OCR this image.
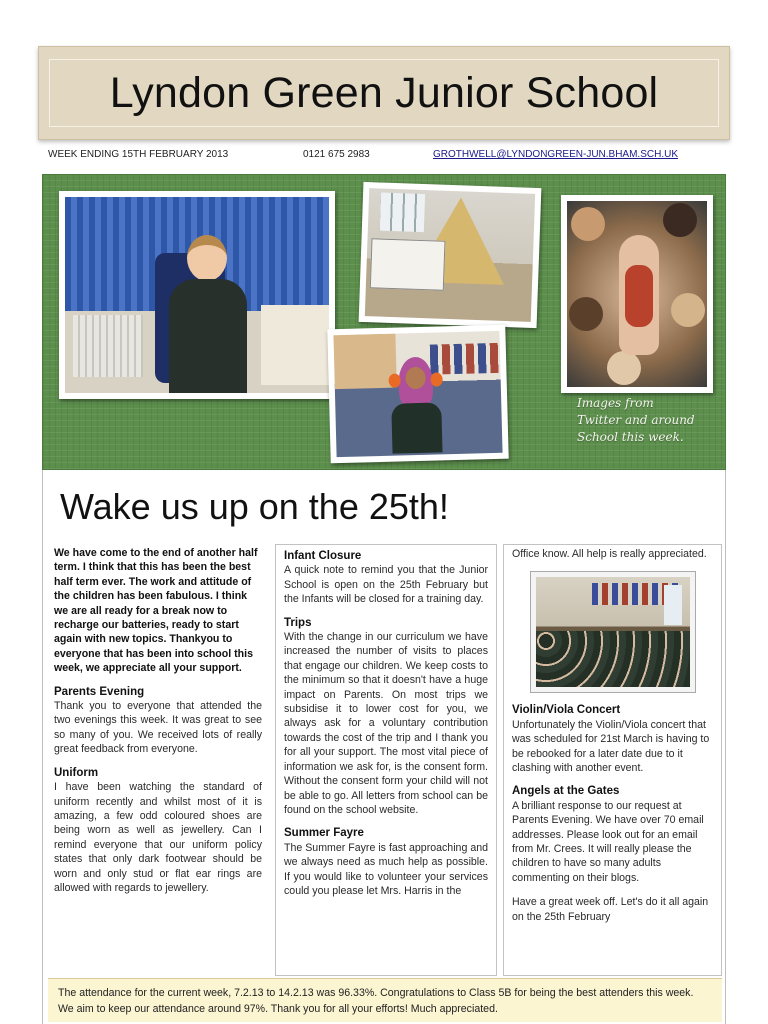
Lyndon Green Junior School
WEEK ENDING 15TH FEBRUARY 2013	0121 675 2983	GROTHWELL@LYNDONGREEN-JUN.BHAM.SCH.UK
Images from
Twitter and around
School this week.
Wake us up on the 25th!

We have come to the end of another half term. I think that this has been the best half term ever. The work and attitude of the children has been fabulous. I think we are all ready for a break now to recharge our batteries, ready to start again with new topics. Thankyou to everyone that has been into school this week, we appreciate all your support.

Parents Evening

Thank you to everyone that attended the two evenings this week. It was great to see so many of you. We received lots of really great feedback from everyone.

Uniform

I have been watching the standard of uniform recently and whilst most of it is amazing, a few odd coloured shoes are being worn as well as jewellery. Can I remind everyone that our uniform policy states that only dark footwear should be worn and only stud or flat ear rings are allowed with regards to jewellery.

Infant Closure

A quick note to remind you that the Junior School is open on the 25th February but the Infants will be closed for a training day.

Trips

With the change in our curriculum we have increased the number of visits to places that engage our children. We keep costs to the minimum so that it doesn't have a huge impact on Parents. On most trips we subsidise it to lower cost for you, we always ask for a voluntary contribution towards the cost of the trip and I thank you for all your support. The most vital piece of information we ask for, is the consent form. Without the consent form your child will not be able to go. All letters from school can be found on the school website.

Summer Fayre

The Summer Fayre is fast approaching and we always need as much help as possible. If you would like to volunteer your services could you please let Mrs. Harris in the

Office know. All help is really appreciated.

Violin/Viola Concert

Unfortunately the Violin/Viola concert that was scheduled for 21st March is having to be rebooked for a later date due to it clashing with another event.

Angels at the Gates

A brilliant response to our request at Parents Evening. We have over 70 email addresses. Please look out for an email from Mr. Crees. It will really please the children to have so many adults commenting on their blogs.

Have a great week off. Let's do it all again on the 25th February

The attendance for the current week, 7.2.13 to 14.2.13 was 96.33%. Congratulations to Class 5B for being the best attenders this week. We aim to keep our attendance around 97%. Thank you for all your efforts! Much appreciated.
